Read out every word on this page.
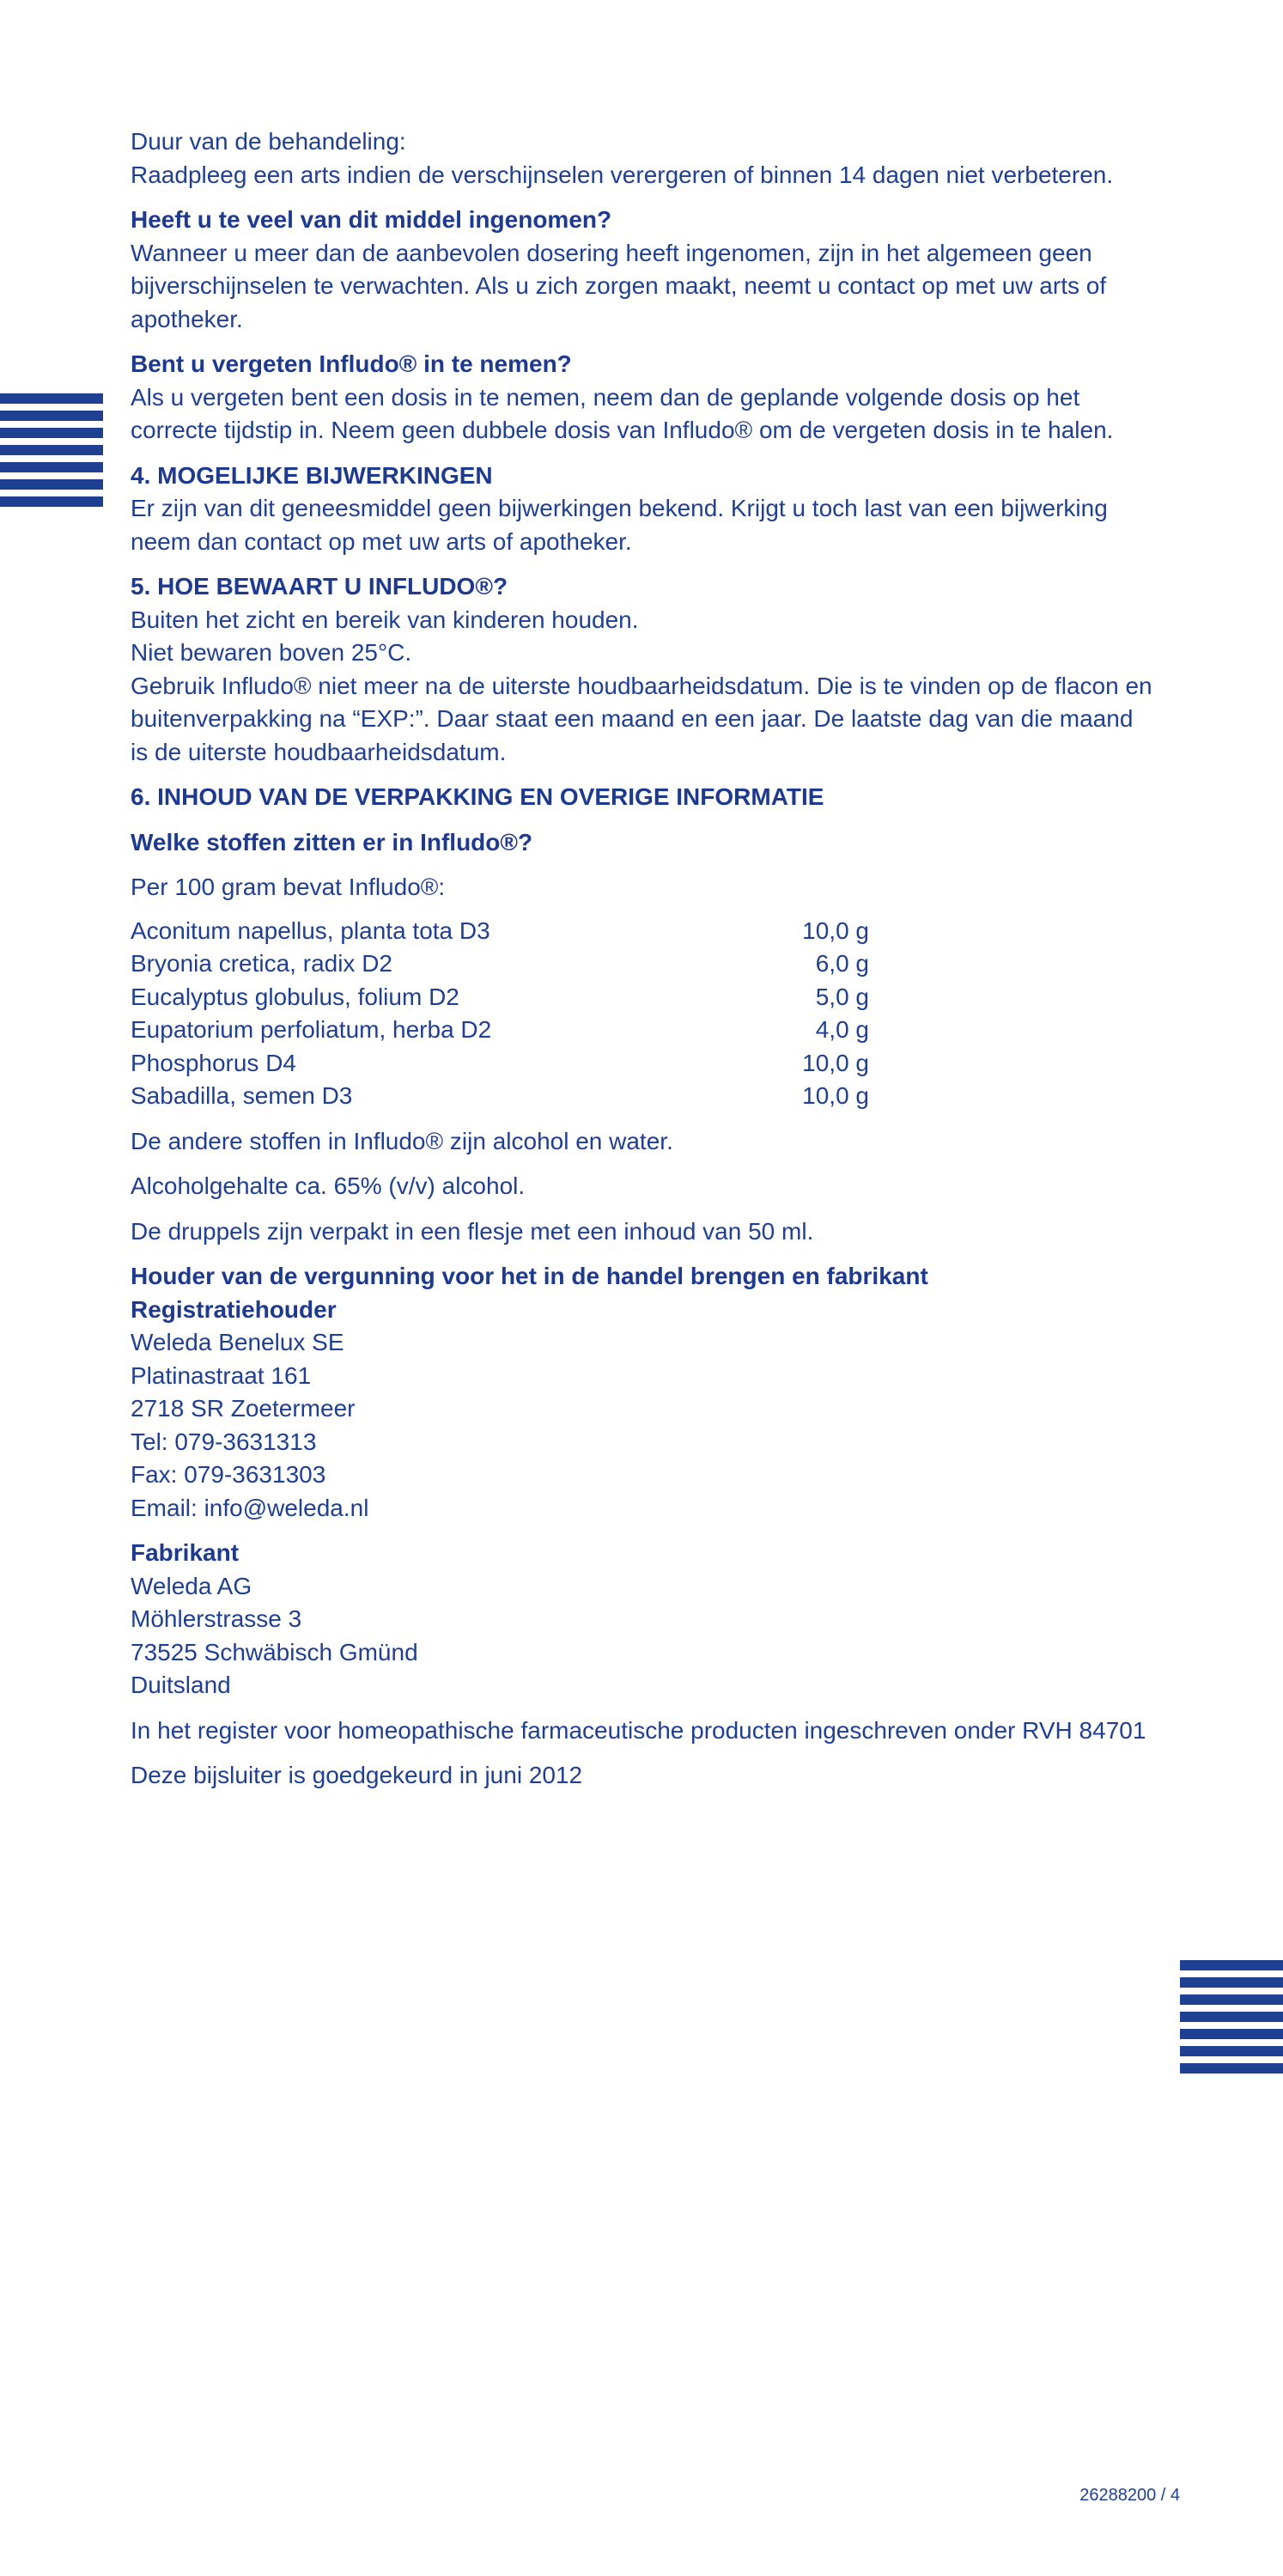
Duur van de behandeling:

Raadpleeg een arts indien de verschijnselen verergeren of binnen 14 dagen niet verbeteren.

Heeft u te veel van dit middel ingenomen?

Wanneer u meer dan de aanbevolen dosering heeft ingenomen, zijn in het algemeen geen bijverschijnselen te verwachten. Als u zich zorgen maakt, neemt u contact op met uw arts of apotheker.

Bent u vergeten Infludo® in te nemen?

Als u vergeten bent een dosis in te nemen, neem dan de geplande volgende dosis op het correcte tijdstip in. Neem geen dubbele dosis van Infludo® om de vergeten dosis in te halen.

4. MOGELIJKE BIJWERKINGEN

Er zijn van dit geneesmiddel geen bijwerkingen bekend. Krijgt u toch last van een bijwerking neem dan contact op met uw arts of apotheker.

5. HOE BEWAART U INFLUDO®?

Buiten het zicht en bereik van kinderen houden.

Niet bewaren boven 25°C.

Gebruik Infludo® niet meer na de uiterste houdbaarheidsdatum. Die is te vinden op de flacon en buitenverpakking na “EXP:”. Daar staat een maand en een jaar. De laatste dag van die maand is de uiterste houdbaarheidsdatum.

6. INHOUD VAN DE VERPAKKING EN OVERIGE INFORMATIE

Welke stoffen zitten er in Infludo®?

Per 100 gram bevat Infludo®:

Aconitum napellus, planta tota D3	10,0 g
Bryonia cretica, radix D2	6,0 g
Eucalyptus globulus, folium D2	5,0 g
Eupatorium perfoliatum, herba D2	4,0 g
Phosphorus D4	10,0 g
Sabadilla, semen D3	10,0 g

De andere stoffen in Infludo® zijn alcohol en water.

Alcoholgehalte ca. 65% (v/v) alcohol.

De druppels zijn verpakt in een flesje met een inhoud van 50 ml.

Houder van de vergunning voor het in de handel brengen en fabrikant

Registratiehouder

Weleda Benelux SE

Platinastraat 161

2718 SR Zoetermeer

Tel: 079-3631313

Fax: 079-3631303

Email: info@weleda.nl

Fabrikant

Weleda AG

Möhlerstrasse 3

73525 Schwäbisch Gmünd

Duitsland

In het register voor homeopathische farmaceutische producten ingeschreven onder RVH 84701

Deze bijsluiter is goedgekeurd in juni 2012

26288200 / 4
